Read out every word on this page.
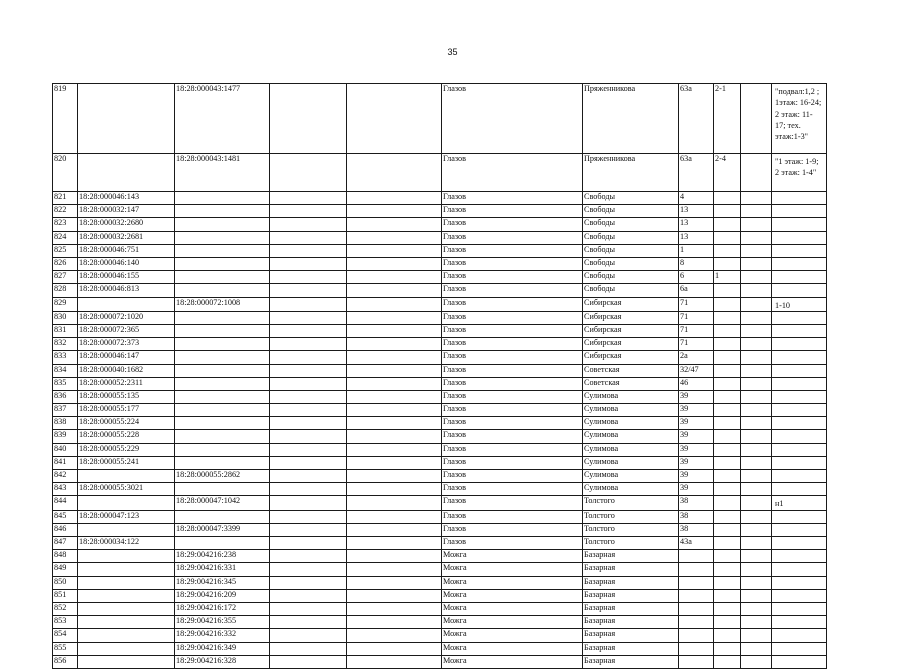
35
819		18:28:000043:1477			Глазов	Пряженникова	63а	2-1		"подвал:1,2 ; 1этаж: 16-24; 2 этаж: 11-17; тех. этаж:1-3"
820		18:28:000043:1481			Глазов	Пряженникова	63а	2-4		"1 этаж: 1-9; 2 этаж: 1-4"
821	18:28:000046:143				Глазов	Свободы	4			
822	18:28:000032:147				Глазов	Свободы	13			
823	18:28:000032:2680				Глазов	Свободы	13			
824	18:28:000032:2681				Глазов	Свободы	13			
825	18:28:000046:751				Глазов	Свободы	1			
826	18:28:000046:140				Глазов	Свободы	8			
827	18:28:000046:155				Глазов	Свободы	6	1		
828	18:28:000046:813				Глазов	Свободы	6а			
829		18:28:000072:1008			Глазов	Сибирская	71			1-10
830	18:28:000072:1020				Глазов	Сибирская	71			
831	18:28:000072:365				Глазов	Сибирская	71			
832	18:28:000072:373				Глазов	Сибирская	71			
833	18:28:000046:147				Глазов	Сибирская	2а			
834	18:28:000040:1682				Глазов	Советская	32/47			
835	18:28:000052:2311				Глазов	Советская	46			
836	18:28:000055:135				Глазов	Сулимова	39			
837	18:28:000055:177				Глазов	Сулимова	39			
838	18:28:000055:224				Глазов	Сулимова	39			
839	18:28:000055:228				Глазов	Сулимова	39			
840	18:28:000055:229				Глазов	Сулимова	39			
841	18:28:000055:241				Глазов	Сулимова	39			
842		18:28:000055:2862			Глазов	Сулимова	39			
843	18:28:000055:3021				Глазов	Сулимова	39			
844		18:28:000047:1042			Глазов	Толстого	38			н1
845	18:28:000047:123				Глазов	Толстого	38			
846		18:28:000047:3399			Глазов	Толстого	38			
847	18:28:000034:122				Глазов	Толстого	43а			
848		18:29:004216:238			Можга	Базарная				
849		18:29:004216:331			Можга	Базарная				
850		18:29:004216:345			Можга	Базарная				
851		18:29:004216:209			Можга	Базарная				
852		18:29:004216:172			Можга	Базарная				
853		18:29:004216:355			Можга	Базарная				
854		18:29:004216:332			Можга	Базарная				
855		18:29:004216:349			Можга	Базарная				
856		18:29:004216:328			Можга	Базарная				
